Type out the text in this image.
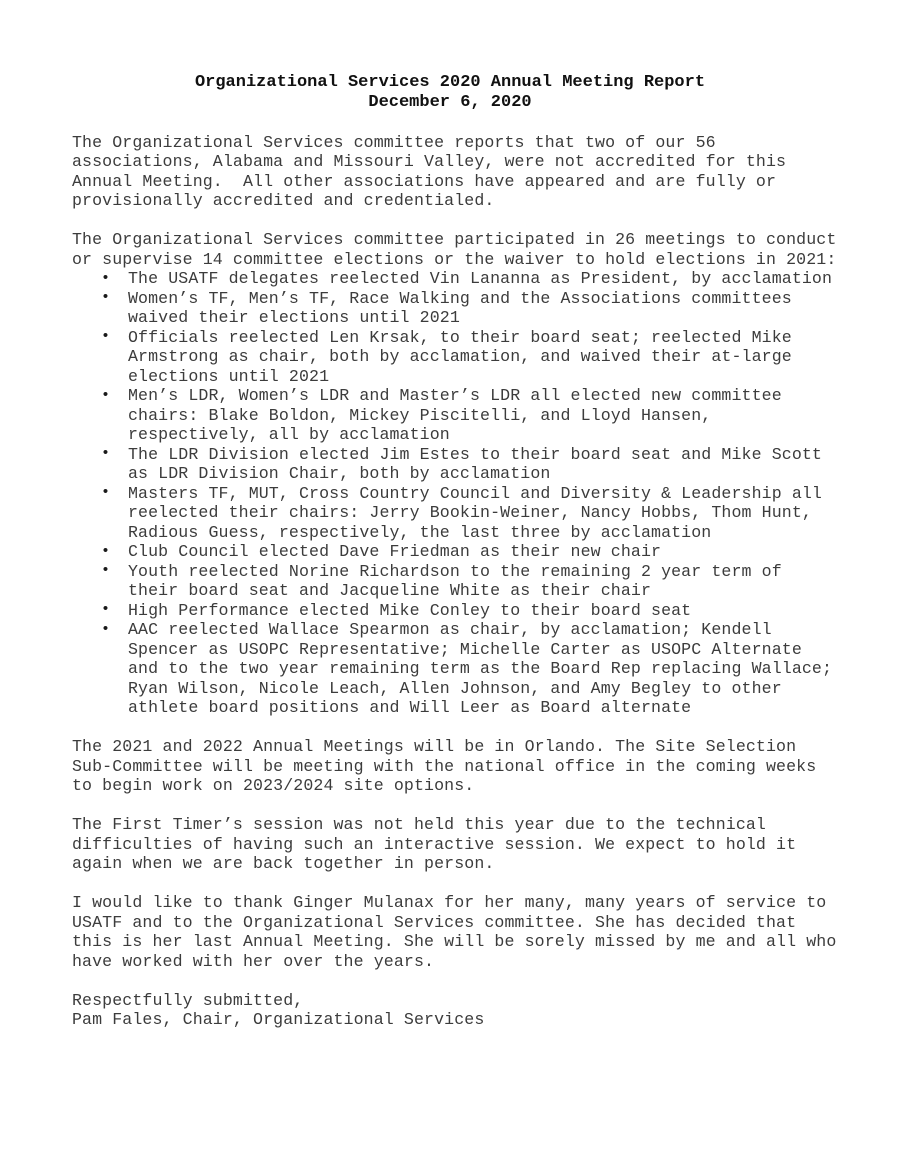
Organizational Services 2020 Annual Meeting Report
December 6, 2020

The Organizational Services committee reports that two of our 56 associations, Alabama and Missouri Valley, were not accredited for this Annual Meeting.  All other associations have appeared and are fully or provisionally accredited and credentialed.

The Organizational Services committee participated in 26 meetings to conduct or supervise 14 committee elections or the waiver to hold elections in 2021:

• The USATF delegates reelected Vin Lananna as President, by acclamation
• Women’s TF, Men’s TF, Race Walking and the Associations committees waived their elections until 2021
• Officials reelected Len Krsak, to their board seat; reelected Mike Armstrong as chair, both by acclamation, and waived their at-large elections until 2021
• Men’s LDR, Women’s LDR and Master’s LDR all elected new committee chairs: Blake Boldon, Mickey Piscitelli, and Lloyd Hansen, respectively, all by acclamation
• The LDR Division elected Jim Estes to their board seat and Mike Scott as LDR Division Chair, both by acclamation
• Masters TF, MUT, Cross Country Council and Diversity & Leadership all reelected their chairs: Jerry Bookin-Weiner, Nancy Hobbs, Thom Hunt, Radious Guess, respectively, the last three by acclamation
• Club Council elected Dave Friedman as their new chair
• Youth reelected Norine Richardson to the remaining 2 year term of their board seat and Jacqueline White as their chair
• High Performance elected Mike Conley to their board seat
• AAC reelected Wallace Spearmon as chair, by acclamation; Kendell Spencer as USOPC Representative; Michelle Carter as USOPC Alternate and to the two year remaining term as the Board Rep replacing Wallace; Ryan Wilson, Nicole Leach, Allen Johnson, and Amy Begley to other athlete board positions and Will Leer as Board alternate

The 2021 and 2022 Annual Meetings will be in Orlando. The Site Selection Sub-Committee will be meeting with the national office in the coming weeks to begin work on 2023/2024 site options.

The First Timer’s session was not held this year due to the technical difficulties of having such an interactive session. We expect to hold it again when we are back together in person.

I would like to thank Ginger Mulanax for her many, many years of service to USATF and to the Organizational Services committee. She has decided that this is her last Annual Meeting. She will be sorely missed by me and all who have worked with her over the years.

Respectfully submitted,

Pam Fales, Chair, Organizational Services
